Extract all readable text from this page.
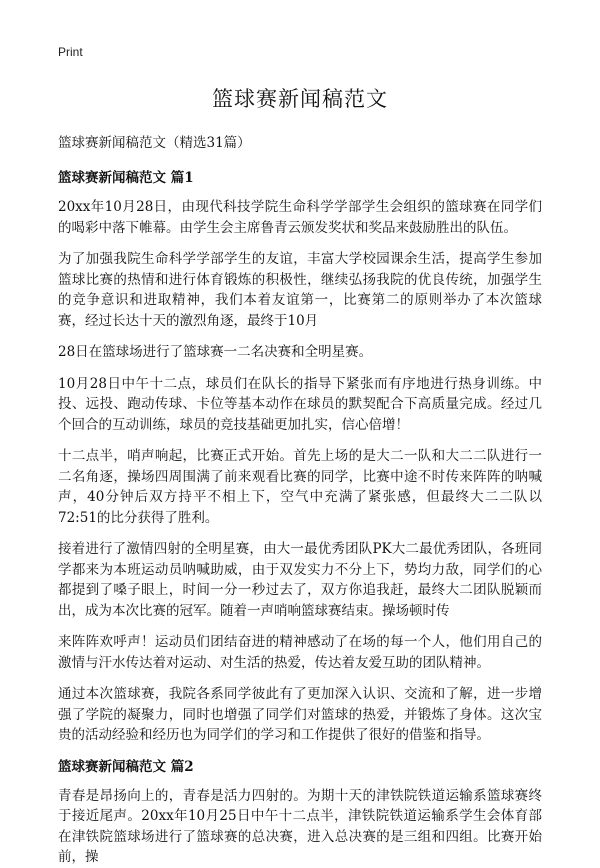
Print
篮球赛新闻稿范文
篮球赛新闻稿范文（精选31篇）
篮球赛新闻稿范文 篇1

20xx年10月28日，由现代科技学院生命科学学部学生会组织的篮球赛在同学们的喝彩中落下帷幕。由学生会主席鲁青云颁发奖状和奖品来鼓励胜出的队伍。

为了加强我院生命科学学部学生的友谊，丰富大学校园课余生活，提高学生参加篮球比赛的热情和进行体育锻炼的积极性，继续弘扬我院的优良传统，加强学生的竞争意识和进取精神，我们本着友谊第一，比赛第二的原则举办了本次篮球赛，经过长达十天的激烈角逐，最终于10月

28日在篮球场进行了篮球赛一二名决赛和全明星赛。

10月28日中午十二点，球员们在队长的指导下紧张而有序地进行热身训练。中投、远投、跑动传球、卡位等基本动作在球员的默契配合下高质量完成。经过几个回合的互动训练，球员的竞技基础更加扎实，信心倍增！

十二点半，哨声响起，比赛正式开始。首先上场的是大二一队和大二二队进行一二名角逐，操场四周围满了前来观看比赛的同学，比赛中途不时传来阵阵的呐喊声，40分钟后双方持平不相上下，空气中充满了紧张感，但最终大二二队以72:51的比分获得了胜利。

接着进行了激情四射的全明星赛，由大一最优秀团队PK大二最优秀团队，各班同学都来为本班运动员呐喊助威，由于双发实力不分上下，势均力敌，同学们的心都提到了嗓子眼上，时间一分一秒过去了，双方你追我赶，最终大二团队脱颖而出，成为本次比赛的冠军。随着一声哨响篮球赛结束。操场顿时传

来阵阵欢呼声！运动员们团结奋进的精神感动了在场的每一个人，他们用自己的激情与汗水传达着对运动、对生活的热爱，传达着友爱互助的团队精神。

通过本次篮球赛，我院各系同学彼此有了更加深入认识、交流和了解，进一步增强了学院的凝聚力，同时也增强了同学们对篮球的热爱，并锻炼了身体。这次宝贵的活动经验和经历也为同学们的学习和工作提供了很好的借鉴和指导。

篮球赛新闻稿范文 篇2

青春是昂扬向上的，青春是活力四射的。为期十天的津铁院铁道运输系篮球赛终于接近尾声。20xx年10月25日中午十二点半，津铁院铁道运输系学生会体育部在津铁院篮球场进行了篮球赛的总决赛，进入总决赛的是三组和四组。比赛开始前，操
